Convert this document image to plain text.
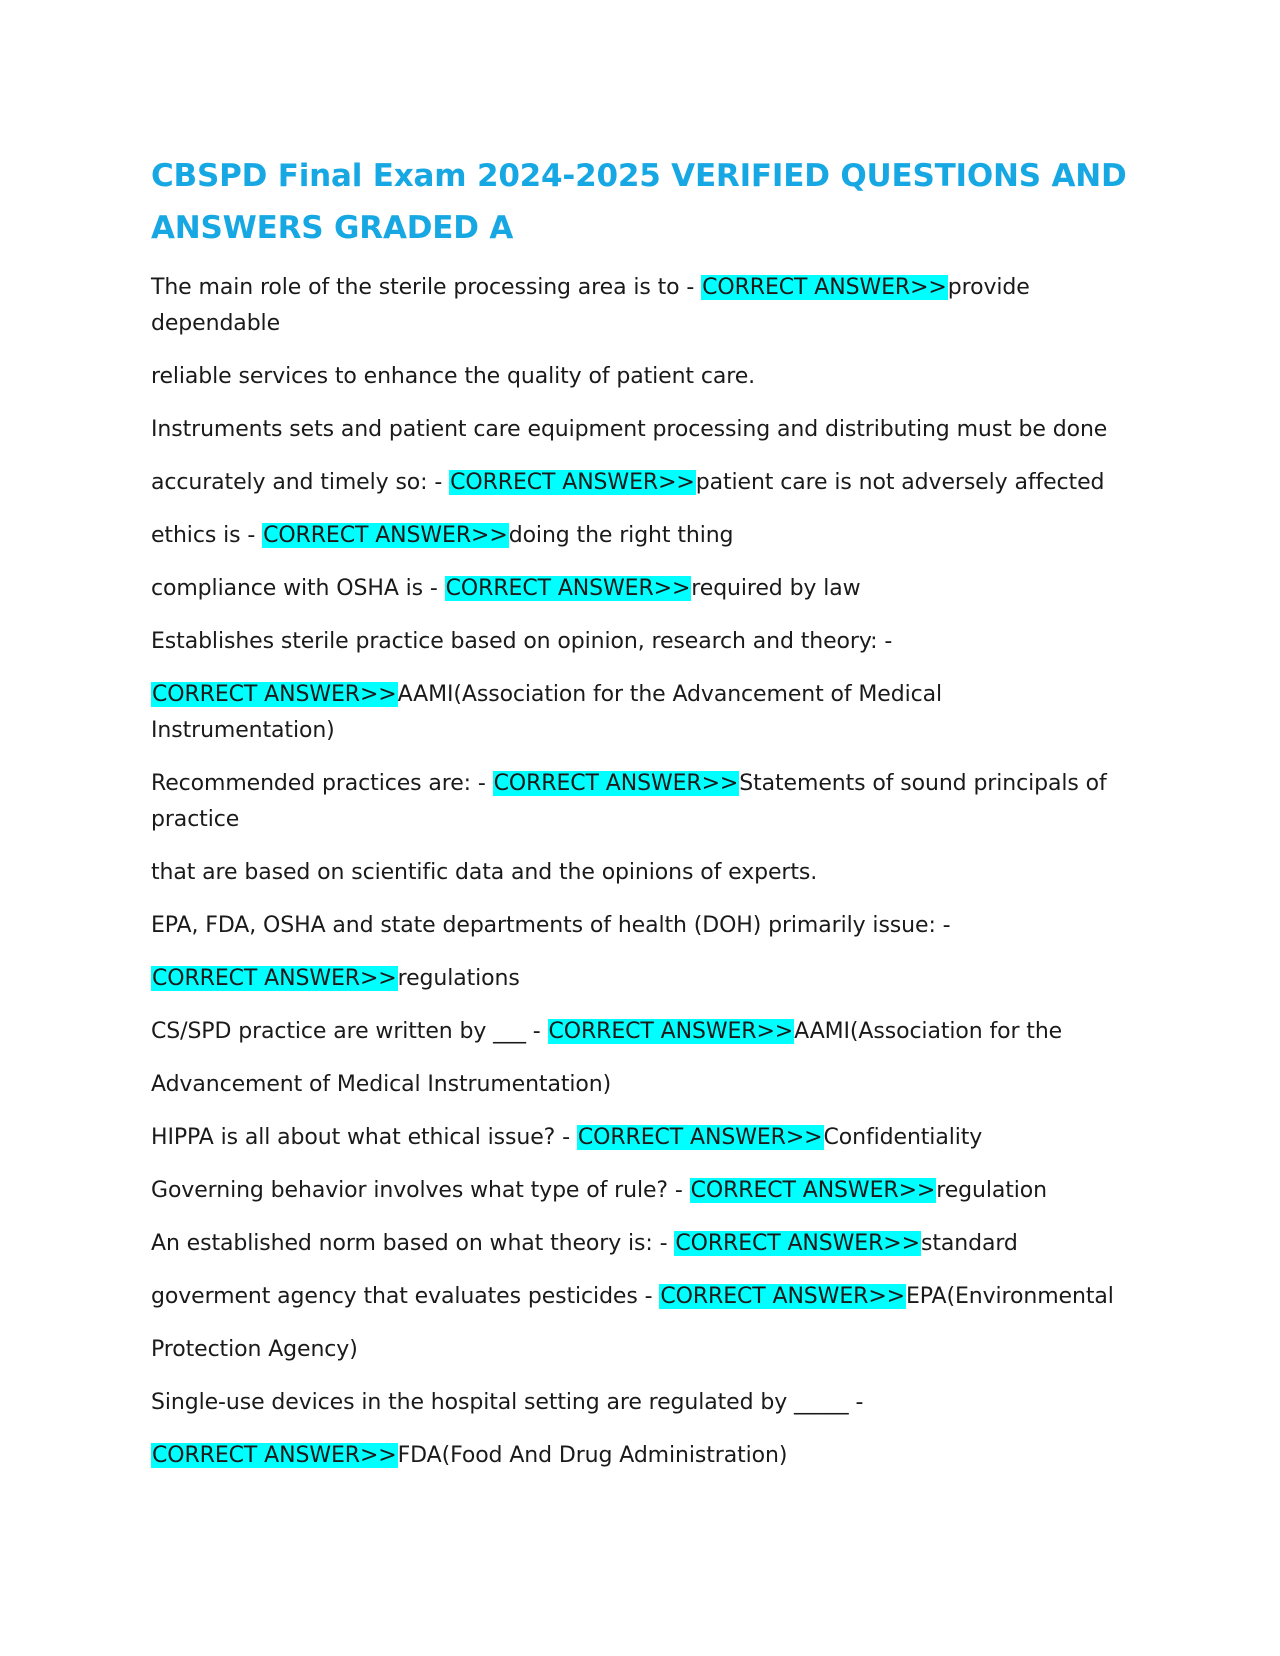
CBSPD Final Exam 2024-2025 VERIFIED QUESTIONS AND
ANSWERS GRADED A

The main role of the sterile processing area is to - CORRECT ANSWER>>provide

dependable

reliable services to enhance the quality of patient care.

Instruments sets and patient care equipment processing and distributing must be done

accurately and timely so: - CORRECT ANSWER>>patient care is not adversely affected

ethics is - CORRECT ANSWER>>doing the right thing

compliance with OSHA is - CORRECT ANSWER>>required by law

Establishes sterile practice based on opinion, research and theory: -

CORRECT ANSWER>>AAMI(Association for the Advancement of Medical

Instrumentation)

Recommended practices are: - CORRECT ANSWER>>Statements of sound principals of

practice

that are based on scientific data and the opinions of experts.

EPA, FDA, OSHA and state departments of health (DOH) primarily issue: -

CORRECT ANSWER>>regulations

CS/SPD practice are written by ___ - CORRECT ANSWER>>AAMI(Association for the

Advancement of Medical Instrumentation)

HIPPA is all about what ethical issue? - CORRECT ANSWER>>Confidentiality

Governing behavior involves what type of rule? - CORRECT ANSWER>>regulation

An established norm based on what theory is: - CORRECT ANSWER>>standard

goverment agency that evaluates pesticides - CORRECT ANSWER>>EPA(Environmental

Protection Agency)

Single-use devices in the hospital setting are regulated by _____ -

CORRECT ANSWER>>FDA(Food And Drug Administration)
